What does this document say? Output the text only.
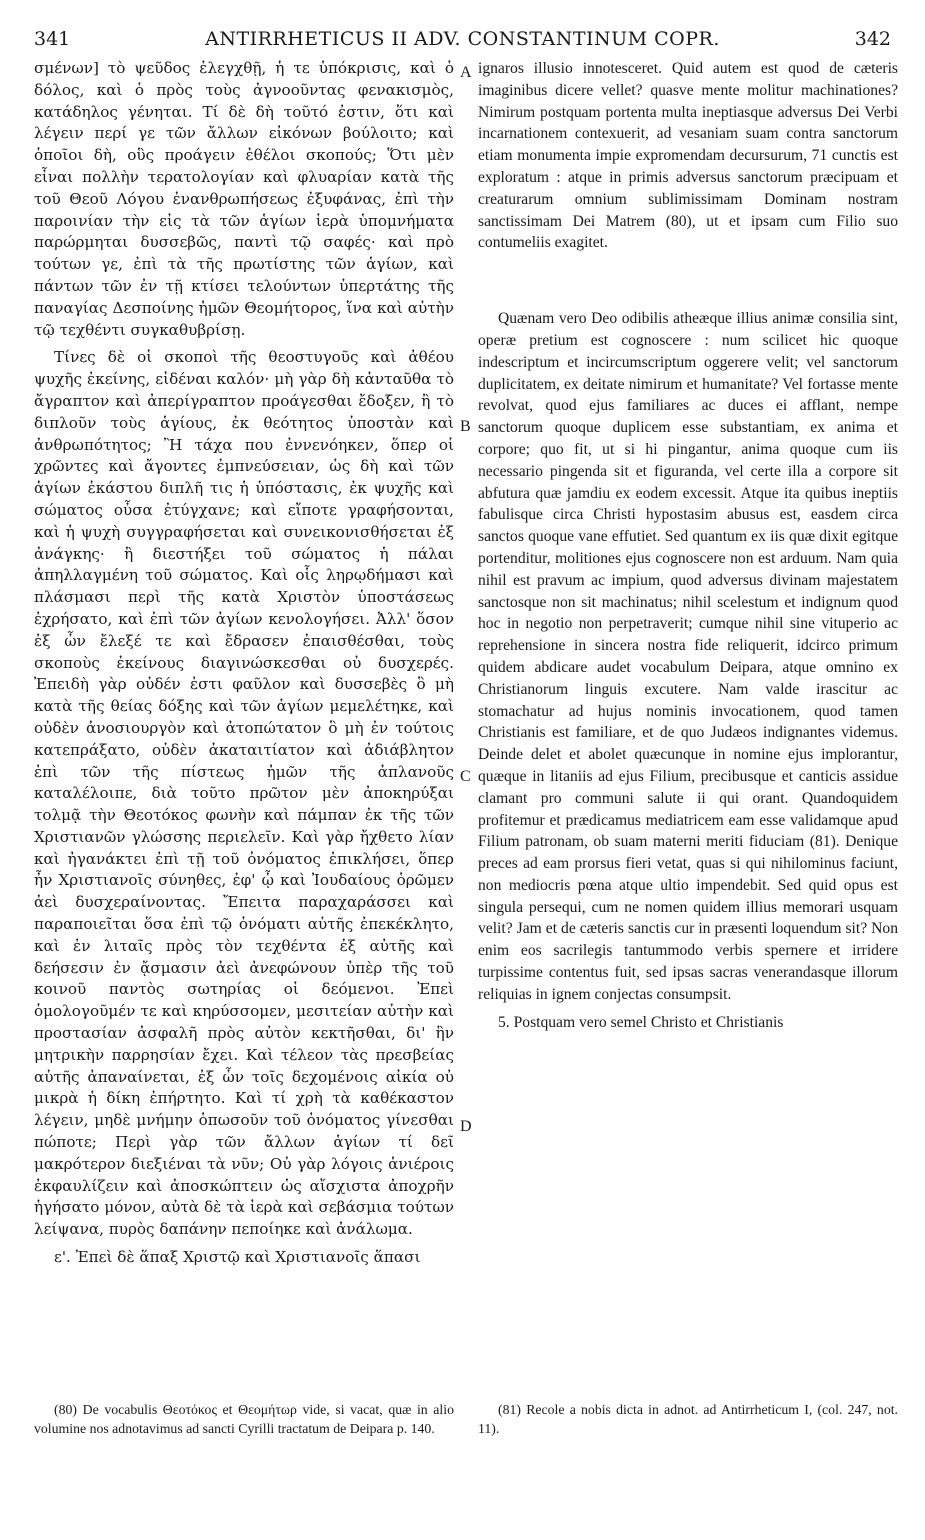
341	ANTIRRHETICUS II ADV. CONSTANTINUM COPR.	342

σμένων] τὸ ψεῦδος ἐλεγχθῇ, ἡ τε ὑπόκρισις, καὶ ὁ δόλος, καὶ ὁ πρὸς τοὺς ἀγνοοῦντας φενακισμὸς, κατάδηλος γένηται. Τί δὲ δὴ τοῦτό ἐστιν, ὅτι καὶ λέγειν περί γε τῶν ἄλλων εἰκόνων βούλοιτο; καὶ ὁποῖοι δὴ, οὓς προάγειν ἐθέλοι σκοπούς; Ὅτι μὲν εἶναι πολλὴν τερατολογίαν καὶ φλυαρίαν κατὰ τῆς τοῦ Θεοῦ Λόγου ἐνανθρωπήσεως ἐξυφάνας, ἐπὶ τὴν παροινίαν τὴν εἰς τὰ τῶν ἁγίων ἱερὰ ὑπομνήματα παρώρμηται δυσσεβῶς, παντὶ τῷ σαφές· καὶ πρὸ τούτων γε, ἐπὶ τὰ τῆς πρωτίστης τῶν ἁγίων, καὶ πάντων τῶν ἐν τῇ κτίσει τελούντων ὑπερτάτης τῆς παναγίας Δεσποίνης ἡμῶν Θεομήτορος, ἵνα καὶ αὐτὴν τῷ τεχθέντι συγκαθυβρίσῃ.

Τίνες δὲ οἱ σκοποὶ τῆς θεοστυγοῦς καὶ ἀθέου ψυχῆς ἐκείνης, εἰδέναι καλόν· μὴ γὰρ δὴ κἀνταῦθα τὸ ἄγραπτον καὶ ἀπερίγραπτον προάγεσθαι ἔδοξεν, ἢ τὸ διπλοῦν τοὺς ἁγίους, ἐκ θεότητος ὑποστὰν καὶ ἀνθρωπότητος; Ἢ τάχα που ἐννενόηκεν, ὅπερ οἱ χρῶντες καὶ ἄγοντες ἐμπνεύσειαν, ὡς δὴ καὶ τῶν ἁγίων ἑκάστου διπλῆ τις ἡ ὑπόστασις, ἐκ ψυχῆς καὶ σώματος οὖσα ἐτύγχανε; καὶ εἴποτε γραφήσονται, καὶ ἡ ψυχὴ συγγραφήσεται καὶ συνεικονισθήσεται ἐξ ἀνάγκης· ἢ διεστήξει τοῦ σώματος ἡ πάλαι ἀπηλλαγμένη τοῦ σώματος. Καὶ οἷς ληρῳδήμασι καὶ πλάσμασι περὶ τῆς κατὰ Χριστὸν ὑποστάσεως ἐχρήσατο, καὶ ἐπὶ τῶν ἁγίων κενολογήσει. Ἀλλ' ὅσον ἐξ ὧν ἔλεξέ τε καὶ ἔδρασεν ἐπαισθέσθαι, τοὺς σκοποὺς ἐκείνους διαγινώσκεσθαι οὐ δυσχερές. Ἐπειδὴ γὰρ οὐδέν ἐστι φαῦλον καὶ δυσσεβὲς ὃ μὴ κατὰ τῆς θείας δόξης καὶ τῶν ἁγίων μεμελέτηκε, καὶ οὐδὲν ἀνοσιουργὸν καὶ ἀτοπώτατον ὃ μὴ ἐν τούτοις κατεπράξατο, οὐδὲν ἀκαταιτίατον καὶ ἀδιάβλητον ἐπὶ τῶν τῆς πίστεως ἡμῶν τῆς ἀπλανοῦς καταλέλοιπε, διὰ τοῦτο πρῶτον μὲν ἀποκηρύξαι τολμᾷ τὴν Θεοτόκος φωνὴν καὶ πάμπαν ἐκ τῆς τῶν Χριστιανῶν γλώσσης περιελεῖν. Καὶ γὰρ ἤχθετο λίαν καὶ ἠγανάκτει ἐπὶ τῇ τοῦ ὀνόματος ἐπικλήσει, ὅπερ ἦν Χριστιανοῖς σύνηθες, ἐφ' ᾧ καὶ Ἰουδαίους ὁρῶμεν ἀεὶ δυσχεραίνοντας. Ἔπειτα παραχαράσσει καὶ παραποιεῖται ὅσα ἐπὶ τῷ ὀνόματι αὐτῆς ἐπεκέκλητο, καὶ ἐν λιταῖς πρὸς τὸν τεχθέντα ἐξ αὐτῆς καὶ δεήσεσιν ἐν ᾄσμασιν ἀεὶ ἀνεφώνουν ὑπὲρ τῆς τοῦ κοινοῦ παντὸς σωτηρίας οἱ δεόμενοι. Ἐπεὶ ὁμολογοῦμέν τε καὶ κηρύσσομεν, μεσιτείαν αὐτὴν καὶ προστασίαν ἀσφαλῆ πρὸς αὐτὸν κεκτῆσθαι, δι' ἣν μητρικὴν παρρησίαν ἔχει. Καὶ τέλεον τὰς πρεσβείας αὐτῆς ἀπαναίνεται, ἐξ ὧν τοῖς δεχομένοις αἰκία οὐ μικρὰ ἡ δίκη ἐπήρτητο. Καὶ τί χρὴ τὰ καθέκαστον λέγειν, μηδὲ μνήμην ὁπωσοῦν τοῦ ὀνόματος γίνεσθαι πώποτε; Περὶ γὰρ τῶν ἄλλων ἁγίων τί δεῖ μακρότερον διεξιέναι τὰ νῦν; Οὐ γὰρ λόγοις ἀνιέροις ἐκφαυλίζειν καὶ ἀποσκώπτειν ὡς αἴσχιστα ἀποχρῆν ἡγήσατο μόνον, αὐτὰ δὲ τὰ ἱερὰ καὶ σεβάσμια τούτων λείψανα, πυρὸς δαπάνην πεποίηκε καὶ ἀνάλωμα.

ε'. Ἐπεὶ δὲ ἅπαξ Χριστῷ καὶ Χριστιανοῖς ἅπασι

A
B
C
D

ignaros illusio innotesceret. Quid autem est quod de cæteris imaginibus dicere vellet? quasve mente molitur machinationes? Nimirum postquam portenta multa ineptiasque adversus Dei Verbi incarnationem contexuerit, ad vesaniam suam contra sanctorum etiam monumenta impie expromendam decursurum, 71 cunctis est exploratum : atque in primis adversus sanctorum præcipuam et creaturarum omnium sublimissimam Dominam nostram sanctissimam Dei Matrem (80), ut et ipsam cum Filio suo contumeliis exagitet.

Quænam vero Deo odibilis atheæque illius animæ consilia sint, operæ pretium est cognoscere : num scilicet hic quoque indescriptum et incircumscriptum oggerere velit; vel sanctorum duplicitatem, ex deitate nimirum et humanitate? Vel fortasse mente revolvat, quod ejus familiares ac duces ei afflant, nempe sanctorum quoque duplicem esse substantiam, ex anima et corpore; quo fit, ut si hi pingantur, anima quoque cum iis necessario pingenda sit et figuranda, vel certe illa a corpore sit abfutura quæ jamdiu ex eodem excessit. Atque ita quibus ineptiis fabulisque circa Christi hypostasim abusus est, easdem circa sanctos quoque vane effutiet. Sed quantum ex iis quæ dixit egitque portenditur, molitiones ejus cognoscere non est arduum. Nam quia nihil est pravum ac impium, quod adversus divinam majestatem sanctosque non sit machinatus; nihil scelestum et indignum quod hoc in negotio non perpetraverit; cumque nihil sine vituperio ac reprehensione in sincera nostra fide reliquerit, idcirco primum quidem abdicare audet vocabulum Deipara, atque omnino ex Christianorum linguis excutere. Nam valde irascitur ac stomachatur ad hujus nominis invocationem, quod tamen Christianis est familiare, et de quo Judæos indignantes videmus. Deinde delet et abolet quæcunque in nomine ejus implorantur, quæque in litaniis ad ejus Filium, precibusque et canticis assidue clamant pro communi salute ii qui orant. Quandoquidem profitemur et prædicamus mediatricem eam esse validamque apud Filium patronam, ob suam materni meriti fiduciam (81). Denique preces ad eam prorsus fieri vetat, quas si qui nihilominus faciunt, non mediocris pœna atque ultio impendebit. Sed quid opus est singula persequi, cum ne nomen quidem illius memorari usquam velit? Jam et de cæteris sanctis cur in præsenti loquendum sit? Non enim eos sacrilegis tantummodo verbis spernere et irridere turpissime contentus fuit, sed ipsas sacras venerandasque illorum reliquias in ignem conjectas consumpsit.

5. Postquam vero semel Christo et Christianis

(80) De vocabulis Θεοτόκος et Θεομήτωρ vide, si vacat, quæ in alio volumine nos adnotavimus ad sancti Cyrilli tractatum de Deipara p. 140.
(81) Recole a nobis dicta in adnot. ad Antirrheticum I, (col. 247, not. 11).
